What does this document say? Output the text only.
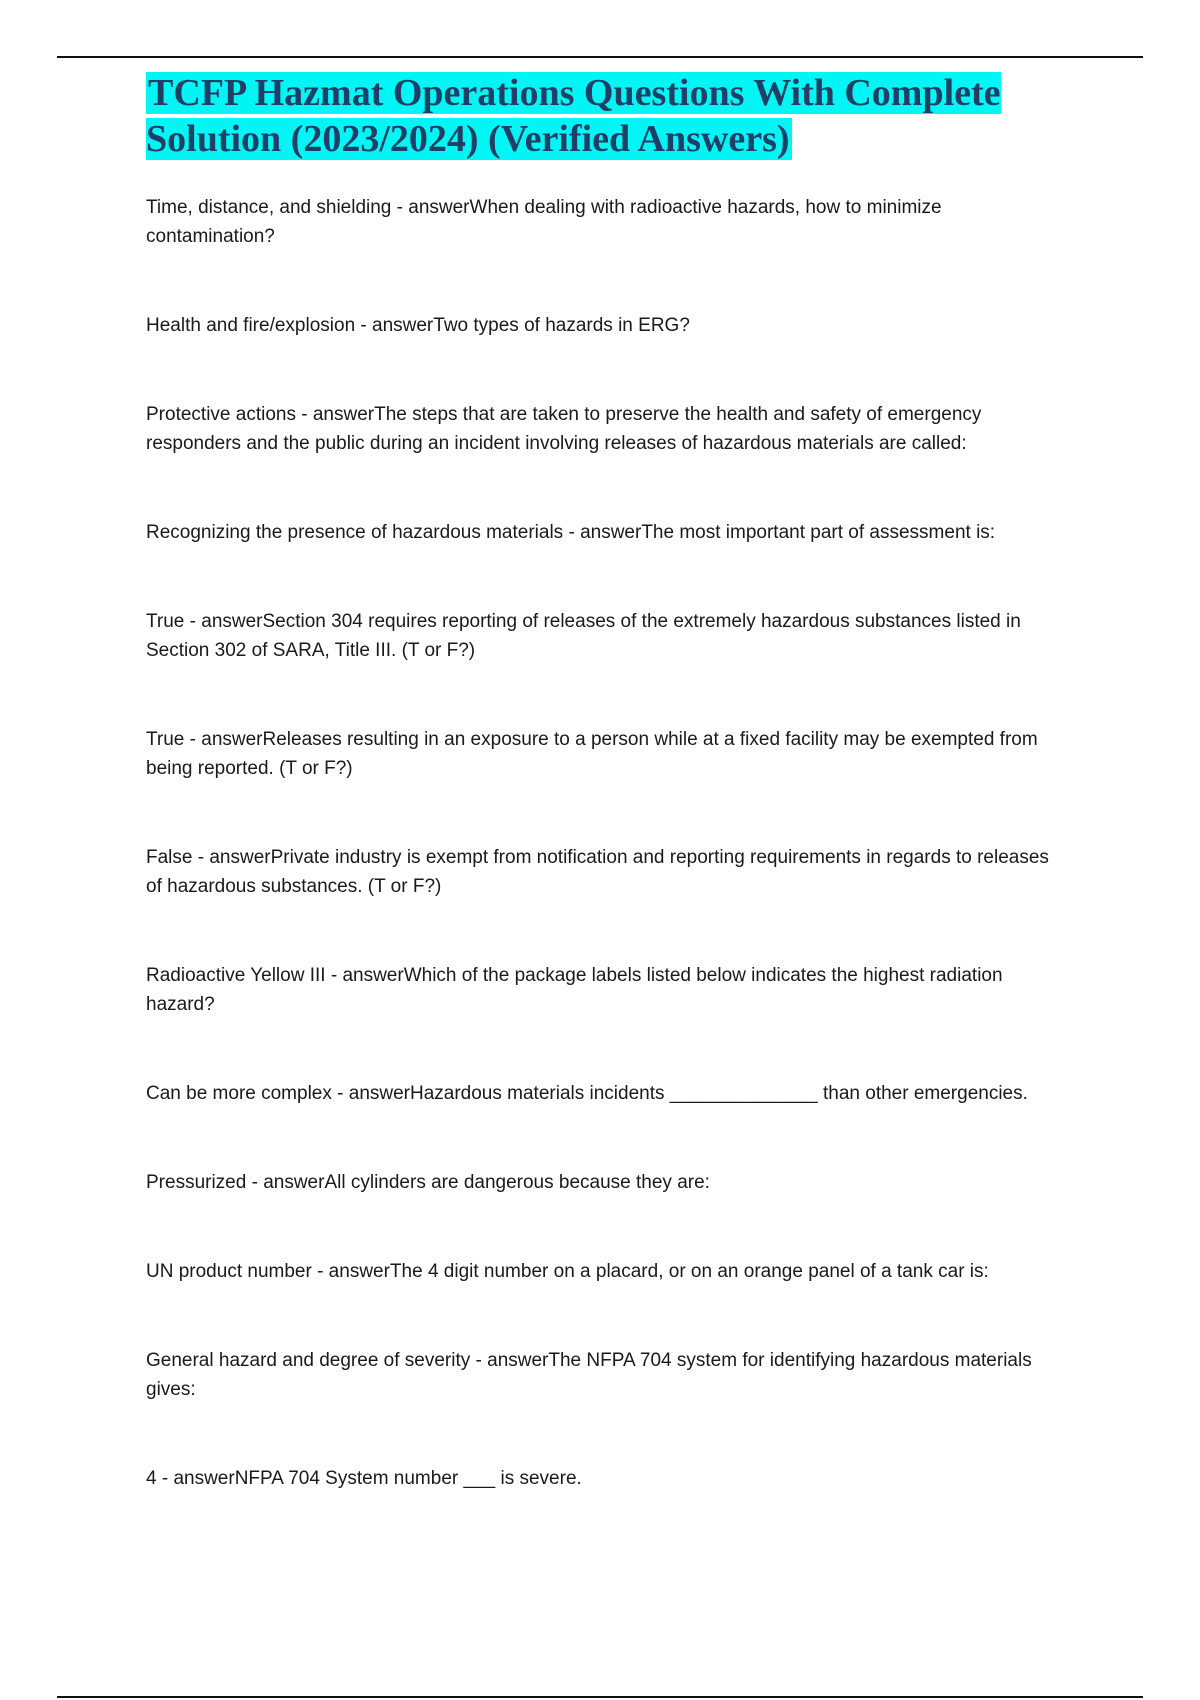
TCFP Hazmat Operations Questions With Complete Solution (2023/2024) (Verified Answers)
Time, distance, and shielding - answerWhen dealing with radioactive hazards, how to minimize contamination?
Health and fire/explosion - answerTwo types of hazards in ERG?
Protective actions - answerThe steps that are taken to preserve the health and safety of emergency responders and the public during an incident involving releases of hazardous materials are called:
Recognizing the presence of hazardous materials - answerThe most important part of assessment is:
True - answerSection 304 requires reporting of releases of the extremely hazardous substances listed in Section 302 of SARA, Title III. (T or F?)
True - answerReleases resulting in an exposure to a person while at a fixed facility may be exempted from being reported. (T or F?)
False - answerPrivate industry is exempt from notification and reporting requirements in regards to releases of hazardous substances. (T or F?)
Radioactive Yellow III - answerWhich of the package labels listed below indicates the highest radiation hazard?
Can be more complex - answerHazardous materials incidents ______________ than other emergencies.
Pressurized - answerAll cylinders are dangerous because they are:
UN product number - answerThe 4 digit number on a placard, or on an orange panel of a tank car is:
General hazard and degree of severity - answerThe NFPA 704 system for identifying hazardous materials gives:
4 - answerNFPA 704 System number ___ is severe.
